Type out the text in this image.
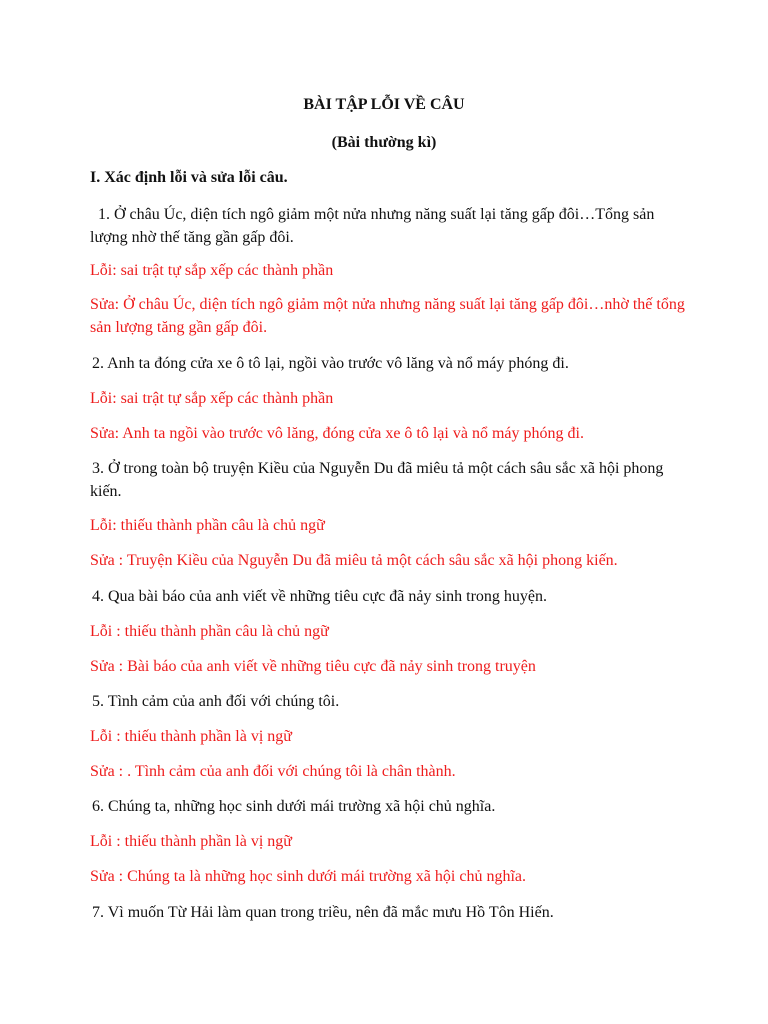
BÀI TẬP LỖI VỀ CÂU

(Bài thường kì)

I. Xác định lỗi và sửa lỗi câu.

1. Ở châu Úc, diện tích ngô giảm một nửa nhưng năng suất lại tăng gấp đôi…Tổng sản lượng nhờ thế tăng gần gấp đôi.

Lỗi: sai trật tự sắp xếp các thành phần

Sửa: Ở châu Úc, diện tích ngô giảm một nửa nhưng năng suất lại tăng gấp đôi…nhờ thế tổng sản lượng tăng gần gấp đôi.

2. Anh ta đóng cửa xe ô tô lại, ngồi vào trước vô lăng và nổ máy phóng đi.

Lỗi: sai trật tự sắp xếp các thành phần

Sửa: Anh ta ngồi vào trước vô lăng, đóng cửa xe ô tô lại và nổ máy phóng đi.

3. Ở trong toàn bộ truyện Kiều của Nguyễn Du đã miêu tả một cách sâu sắc xã hội phong kiến.

Lỗi: thiếu thành phần câu là chủ ngữ

Sửa : Truyện Kiều của Nguyễn Du đã miêu tả một cách sâu sắc xã hội phong kiến.

4. Qua bài báo của anh viết về những tiêu cực đã nảy sinh trong huyện.

Lỗi : thiếu thành phần câu là chủ ngữ

Sửa : Bài báo của anh viết về những tiêu cực đã nảy sinh trong truyện

5. Tình cảm của anh đối với chúng tôi.

Lỗi : thiếu thành phần là vị ngữ

Sửa : . Tình cảm của anh đối với chúng tôi là chân thành.

6. Chúng ta, những học sinh dưới mái trường xã hội chủ nghĩa.

Lỗi : thiếu thành phần là vị ngữ

Sửa : Chúng ta là những học sinh dưới mái trường xã hội chủ nghĩa.

7. Vì muốn Từ Hải làm quan trong triều, nên đã mắc mưu Hồ Tôn Hiến.
